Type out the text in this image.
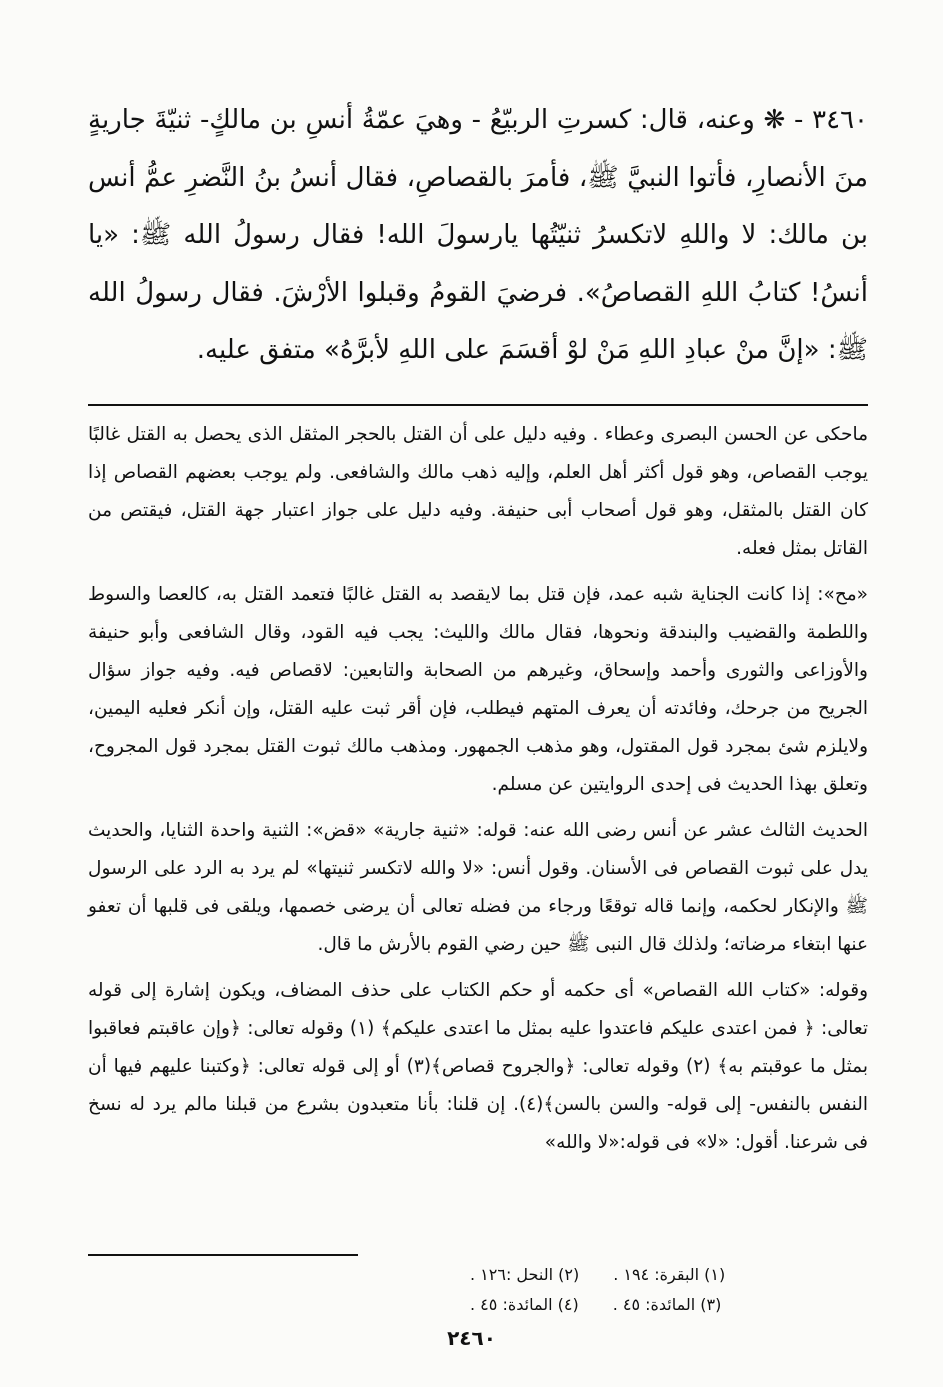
٣٤٦٠ - ❋ وعنه، قال: كسرتِ الربيّعُ - وهيَ عمّةُ أنسِ بن مالكٍ- ثنيّةَ جاريةٍ منَ الأنصارِ، فأتوا النبيَّ ﷺ، فأمرَ بالقصاصِ، فقال أنسُ بنُ النَّضرِ عمُّ أنس بن مالك: لا واللهِ لاتكسرُ ثنيّتُها يارسولَ الله! فقال رسولُ الله ﷺ: «يا أنسُ! كتابُ اللهِ القصاصُ». فرضيَ القومُ وقبلوا الأرْشَ. فقال رسولُ الله ﷺ: «إنَّ منْ عبادِ اللهِ مَنْ لوْ أقسَمَ على اللهِ لأبرَّهُ» متفق عليه.

ماحكى عن الحسن البصرى وعطاء . وفيه دليل على أن القتل بالحجر المثقل الذى يحصل به القتل غالبًا يوجب القصاص، وهو قول أكثر أهل العلم، وإليه ذهب مالك والشافعى. ولم يوجب بعضهم القصاص إذا كان القتل بالمثقل، وهو قول أصحاب أبى حنيفة. وفيه دليل على جواز اعتبار جهة القتل، فيقتص من القاتل بمثل فعله.

«مح»: إذا كانت الجناية شبه عمد، فإن قتل بما لايقصد به القتل غالبًا فتعمد القتل به، كالعصا والسوط واللطمة والقضيب والبندقة ونحوها، فقال مالك والليث: يجب فيه القود، وقال الشافعى وأبو حنيفة والأوزاعى والثورى وأحمد وإسحاق، وغيرهم من الصحابة والتابعين: لاقصاص فيه. وفيه جواز سؤال الجريح من جرحك، وفائدته أن يعرف المتهم فيطلب، فإن أقر ثبت عليه القتل، وإن أنكر فعليه اليمين، ولايلزم شئ بمجرد قول المقتول، وهو مذهب الجمهور. ومذهب مالك ثبوت القتل بمجرد قول المجروح، وتعلق بهذا الحديث فى إحدى الروايتين عن مسلم.

الحديث الثالث عشر عن أنس رضى الله عنه: قوله: «ثنية جارية» «قض»: الثنية واحدة الثنايا، والحديث يدل على ثبوت القصاص فى الأسنان. وقول أنس: «لا والله لاتكسر ثنيتها» لم يرد به الرد على الرسول ﷺ والإنكار لحكمه، وإنما قاله توقعًا ورجاء من فضله تعالى أن يرضى خصمها، ويلقى فى قلبها أن تعفو عنها ابتغاء مرضاته؛ ولذلك قال النبى ﷺ حين رضي القوم بالأرش ما قال.

وقوله: «كتاب الله القصاص» أى حكمه أو حكم الكتاب على حذف المضاف، ويكون إشارة إلى قوله تعالى: ﴿ فمن اعتدى عليكم فاعتدوا عليه بمثل ما اعتدى عليكم﴾ (١) وقوله تعالى: ﴿وإن عاقبتم فعاقبوا بمثل ما عوقبتم به﴾ (٢) وقوله تعالى: ﴿والجروح قصاص﴾(٣) أو إلى قوله تعالى: ﴿وكتبنا عليهم فيها أن النفس بالنفس- إلى قوله- والسن بالسن﴾(٤). إن قلنا: بأنا متعبدون بشرع من قبلنا مالم يرد له نسخ فى شرعنا. أقول: «لا» فى قوله:«لا والله»

(١) البقرة: ١٩٤ .
(٢) النحل :١٢٦ .
(٣) المائدة: ٤٥ .
(٤) المائدة: ٤٥ .
٢٤٦٠
